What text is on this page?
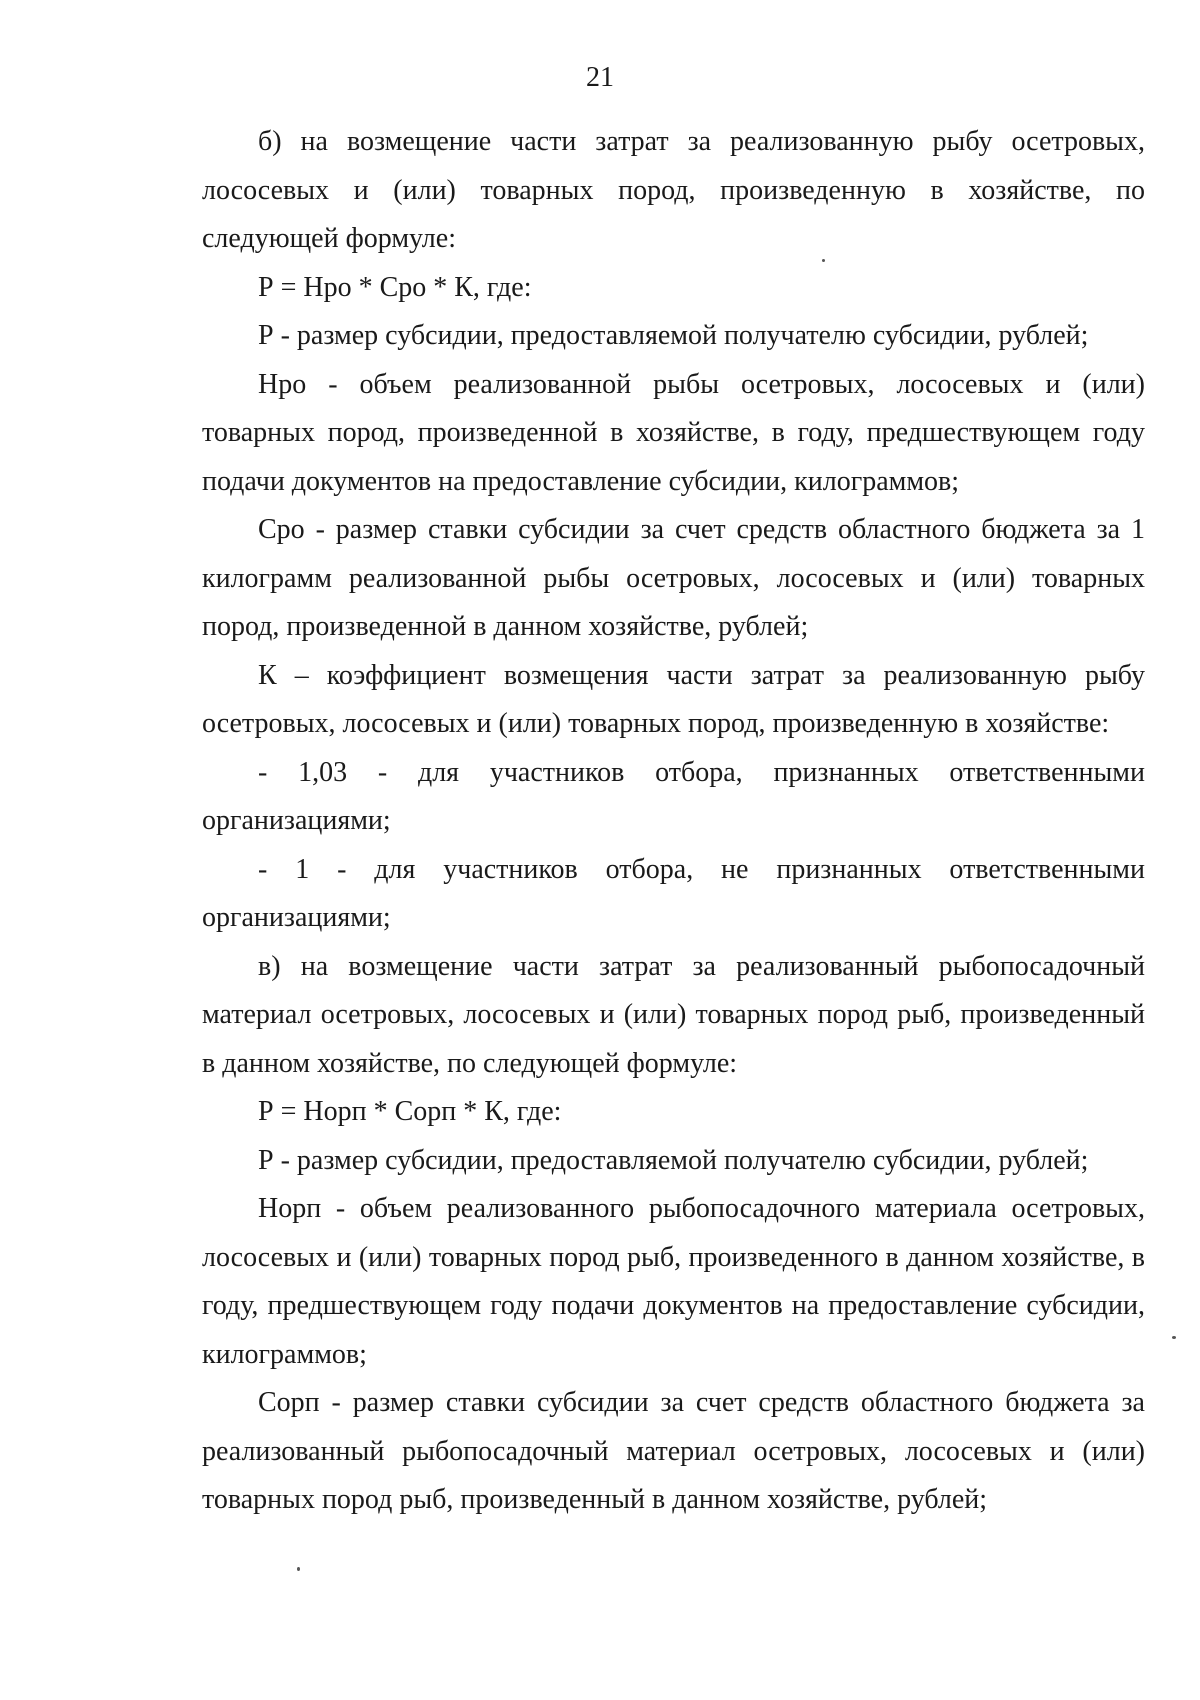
21

б) на возмещение части затрат за реализованную рыбу осетровых, лососевых и (или) товарных пород, произведенную в хозяйстве, по следующей формуле:

Р = Нро * Сро * К, где:

Р - размер субсидии, предоставляемой получателю субсидии, рублей;

Нро - объем реализованной рыбы осетровых, лососевых и (или) товарных пород, произведенной в хозяйстве, в году, предшествующем году подачи документов на предоставление субсидии, килограммов;

Сро - размер ставки субсидии за счет средств областного бюджета за 1 килограмм реализованной рыбы осетровых, лососевых и (или) товарных пород, произведенной в данном хозяйстве, рублей;

К – коэффициент возмещения части затрат за реализованную рыбу осетровых, лососевых и (или) товарных пород, произведенную в хозяйстве:

- 1,03 - для участников отбора, признанных ответственными организациями;

- 1 - для участников отбора, не признанных ответственными организациями;

в) на возмещение части затрат за реализованный рыбопосадочный материал осетровых, лососевых и (или) товарных пород рыб, произведенный в данном хозяйстве, по следующей формуле:

Р = Норп * Сорп * К, где:

Р - размер субсидии, предоставляемой получателю субсидии, рублей;

Норп - объем реализованного рыбопосадочного материала осетровых, лососевых и (или) товарных пород рыб, произведенного в данном хозяйстве, в году, предшествующем году подачи документов на предоставление субсидии, килограммов;

Сорп - размер ставки субсидии за счет средств областного бюджета за реализованный рыбопосадочный материал осетровых, лососевых и (или) товарных пород рыб, произведенный в данном хозяйстве, рублей;
